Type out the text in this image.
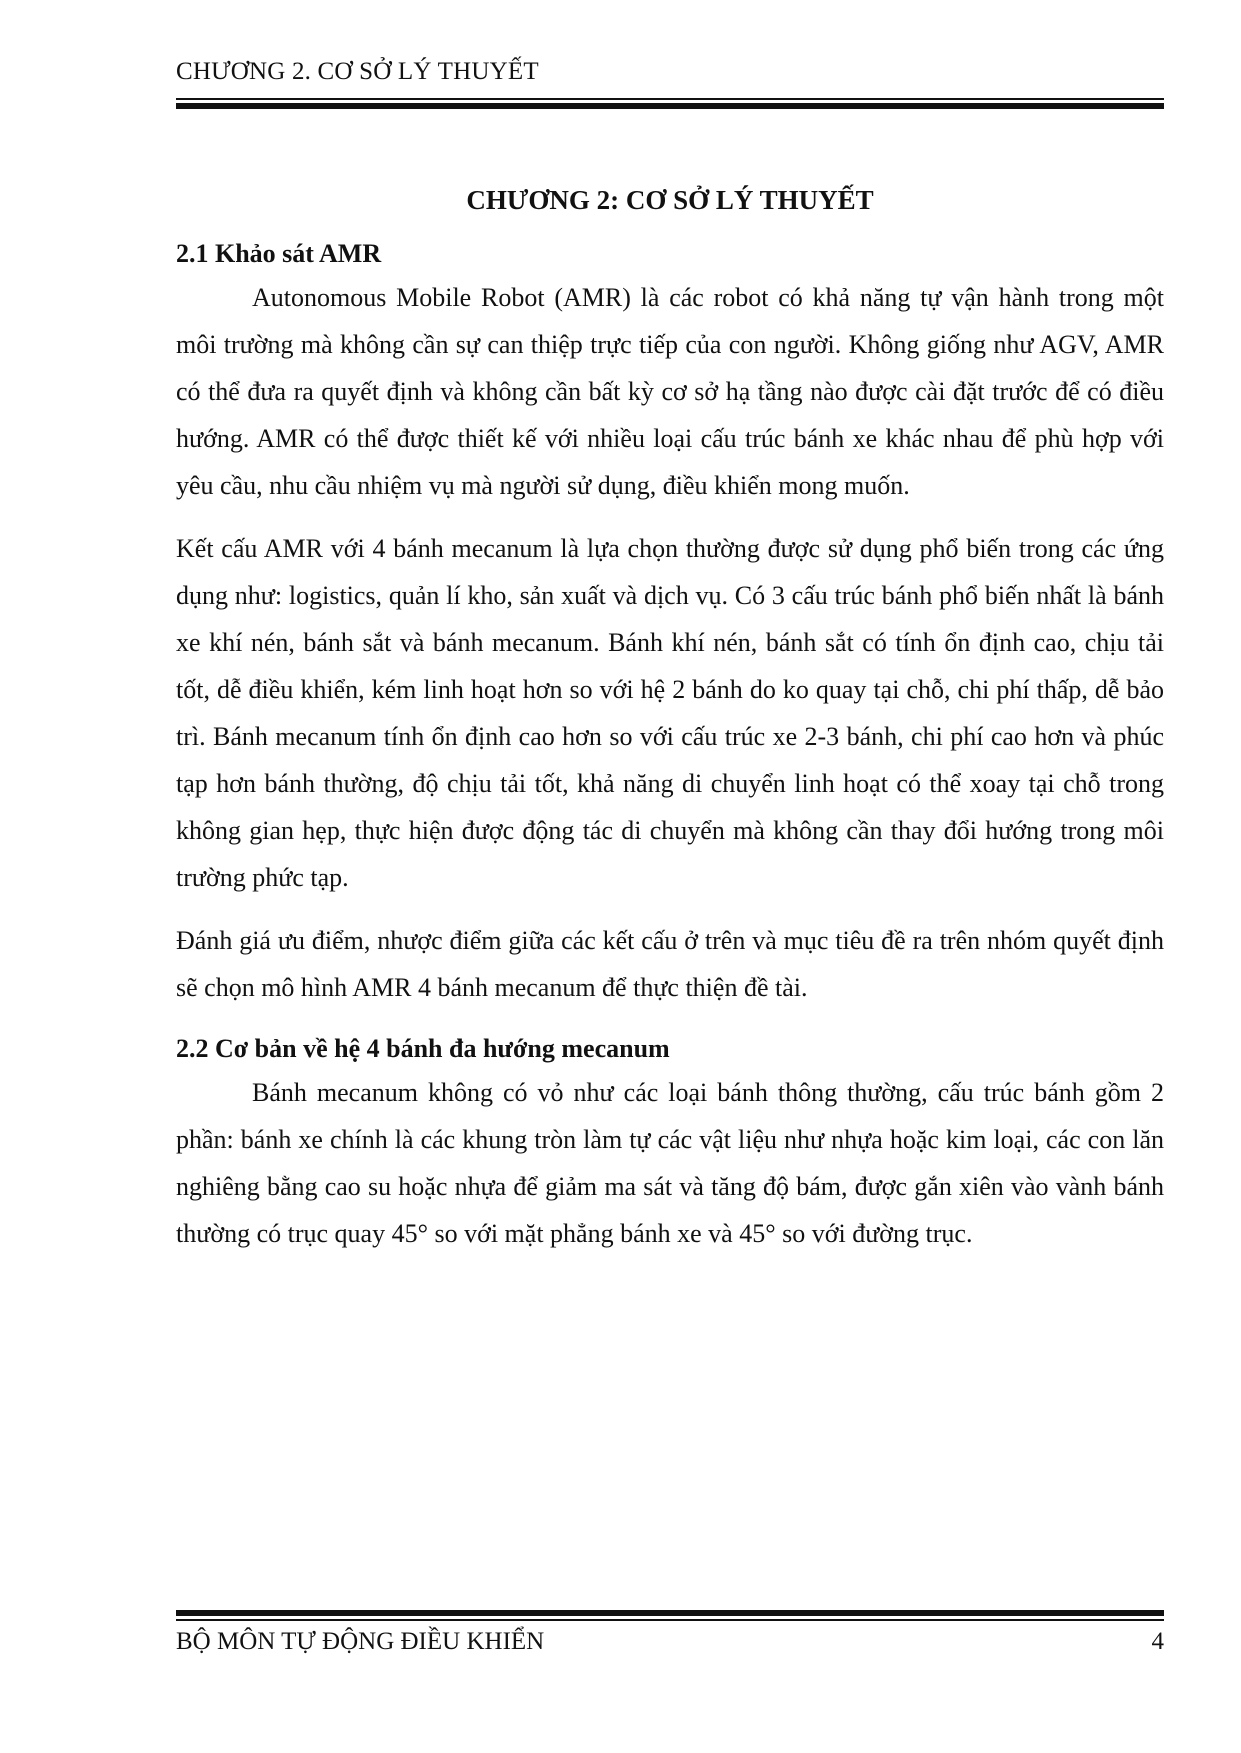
CHƯƠNG 2. CƠ SỞ LÝ THUYẾT
CHƯƠNG 2: CƠ SỞ LÝ THUYẾT
2.1 Khảo sát AMR

Autonomous Mobile Robot (AMR) là các robot có khả năng tự vận hành trong một môi trường mà không cần sự can thiệp trực tiếp của con người. Không giống như AGV, AMR có thể đưa ra quyết định và không cần bất kỳ cơ sở hạ tầng nào được cài đặt trước để có điều hướng. AMR có thể được thiết kế với nhiều loại cấu trúc bánh xe khác nhau để phù hợp với yêu cầu, nhu cầu nhiệm vụ mà người sử dụng, điều khiển mong muốn.

Kết cấu AMR với 4 bánh mecanum là lựa chọn thường được sử dụng phổ biến trong các ứng dụng như: logistics, quản lí kho, sản xuất và dịch vụ. Có 3 cấu trúc bánh phổ biến nhất là bánh xe khí nén, bánh sắt và bánh mecanum. Bánh khí nén, bánh sắt có tính ổn định cao, chịu tải tốt, dễ điều khiển, kém linh hoạt hơn so với hệ 2 bánh do ko quay tại chỗ, chi phí thấp, dễ bảo trì. Bánh mecanum tính ổn định cao hơn so với cấu trúc xe 2-3 bánh, chi phí cao hơn và phúc tạp hơn bánh thường, độ chịu tải tốt, khả năng di chuyển linh hoạt có thể xoay tại chỗ trong không gian hẹp, thực hiện được động tác di chuyển mà không cần thay đổi hướng trong môi trường phức tạp.

Đánh giá ưu điểm, nhược điểm giữa các kết cấu ở trên và mục tiêu đề ra trên nhóm quyết định sẽ chọn mô hình AMR 4 bánh mecanum để thực thiện đề tài.

2.2 Cơ bản về hệ 4 bánh đa hướng mecanum

Bánh mecanum không có vỏ như các loại bánh thông thường, cấu trúc bánh gồm 2 phần: bánh xe chính là các khung tròn làm tự các vật liệu như nhựa hoặc kim loại, các con lăn nghiêng bằng cao su hoặc nhựa để giảm ma sát và tăng độ bám, được gắn xiên vào vành bánh thường có trục quay 45° so với mặt phẳng bánh xe và 45° so với đường trục.

BỘ MÔN TỰ ĐỘNG ĐIỀU KHIỂN	4
